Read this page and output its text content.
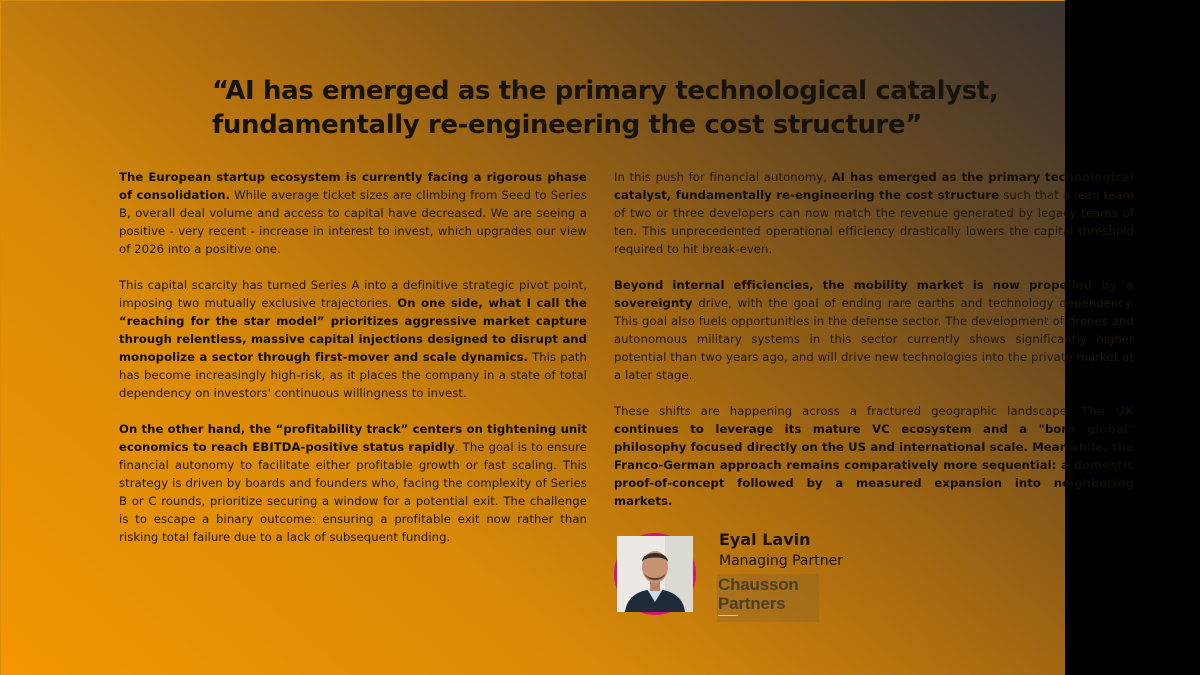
“AI has emerged as the primary technological catalyst,
fundamentally re-engineering the cost structure”

The European startup ecosystem is currently facing a rigorous phase of consolidation. While average ticket sizes are climbing from Seed to Series B, overall deal volume and access to capital have decreased. We are seeing a positive - very recent - increase in interest to invest, which upgrades our view of 2026 into a positive one.

This capital scarcity has turned Series A into a definitive strategic pivot point, imposing two mutually exclusive trajectories. On one side, what I call the “reaching for the star model” prioritizes aggressive market capture through relentless, massive capital injections designed to disrupt and monopolize a sector through first-mover and scale dynamics. This path has become increasingly high-risk, as it places the company in a state of total dependency on investors' continuous willingness to invest.

On the other hand, the “profitability track” centers on tightening unit economics to reach EBITDA-positive status rapidly. The goal is to ensure financial autonomy to facilitate either profitable growth or fast scaling. This strategy is driven by boards and founders who, facing the complexity of Series B or C rounds, prioritize securing a window for a potential exit. The challenge is to escape a binary outcome: ensuring a profitable exit now rather than risking total failure due to a lack of subsequent funding.

In this push for financial autonomy, AI has emerged as the primary technological catalyst, fundamentally re-engineering the cost structure such that a lean team of two or three developers can now match the revenue generated by legacy teams of ten. This unprecedented operational efficiency drastically lowers the capital threshold required to hit break-even.

Beyond internal efficiencies, the mobility market is now propelled by a sovereignty drive, with the goal of ending rare earths and technology dependency. This goal also fuels opportunities in the defense sector. The development of drones and autonomous military systems in this sector currently shows significantly higher potential than two years ago, and will drive new technologies into the private market at a later stage.

These shifts are happening across a fractured geographic landscape. The UK continues to leverage its mature VC ecosystem and a "born global" philosophy focused directly on the US and international scale. Meanwhile, the Franco-German approach remains comparatively more sequential: a domestic proof-of-concept followed by a measured expansion into neighboring markets.

Eyal Lavin
Managing Partner
Chausson
Partners
